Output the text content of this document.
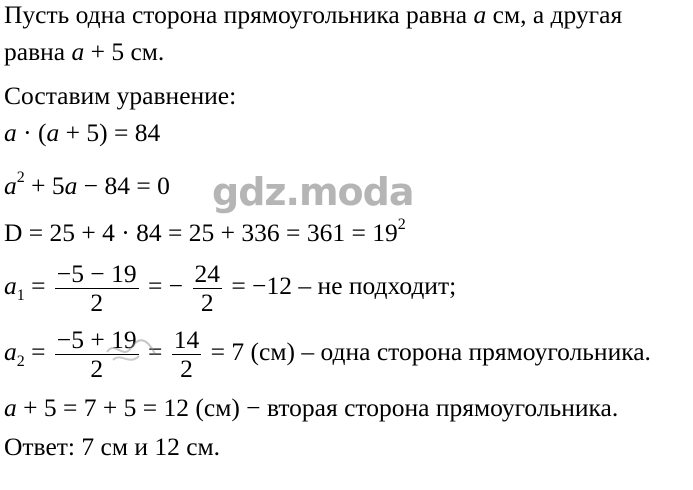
Пусть одна сторона прямоугольника равна a см, а другая
равна a + 5 см.
Составим уравнение:
a · (a + 5) = 84
$a^2 + 5a - 84 = 0$
$D = 25 + 4 \cdot 84 = 25 + 336 = 361 = 19^2$
$a_1 = \frac{-5 - 19}{2}$ = − $\frac{24}{2} = -12$ – не подходит;
$a_2 = \frac{-5 + 19}{2} = \frac{14}{2} = 7$ (см) – одна сторона прямоугольника.
a + 5 = 7 + 5 = 12 (см) − вторая сторона прямоугольника.
Ответ: 7 см и 12 см.
gdz.moda
